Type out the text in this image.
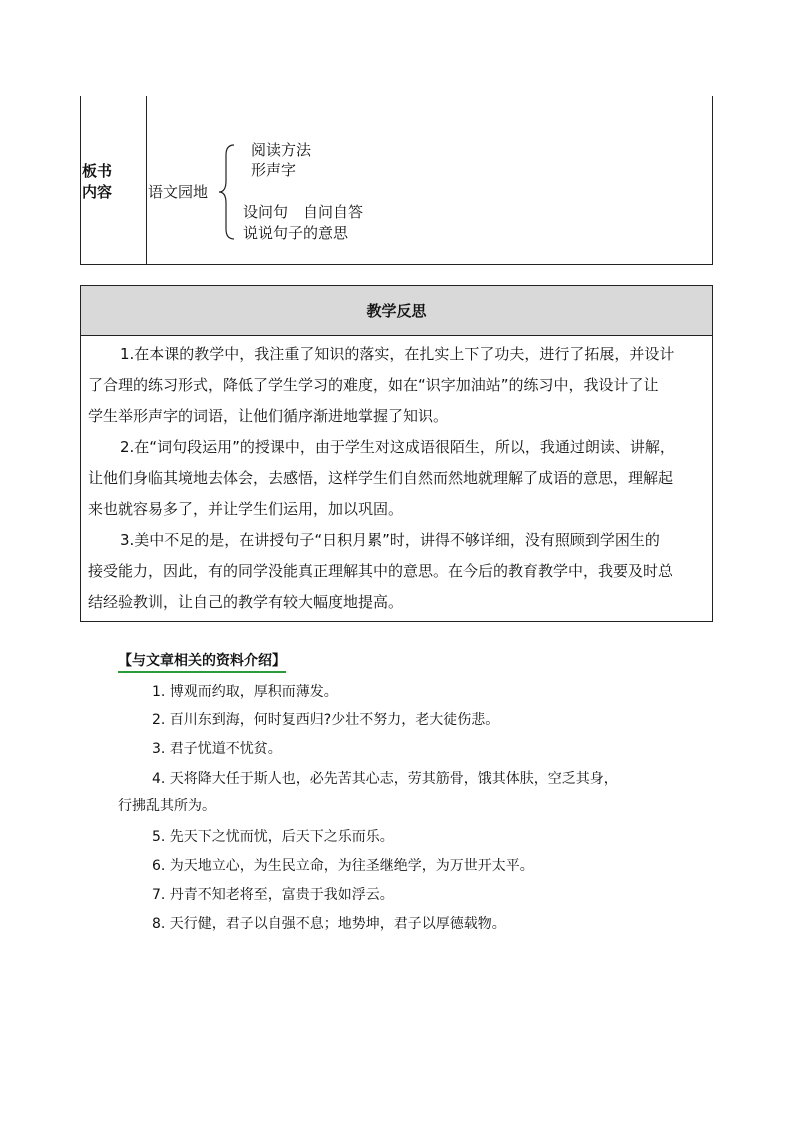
板书
内容 语文园地
阅读方法
形声字
设问句　自问自答
说说句子的意思
教学反思
1.在本课的教学中，我注重了知识的落实，在扎实上下了功夫，进行了拓展，并设计
了合理的练习形式，降低了学生学习的难度，如在“识字加油站”的练习中，我设计了让
学生举形声字的词语，让他们循序渐进地掌握了知识。
2.在“词句段运用”的授课中，由于学生对这成语很陌生，所以，我通过朗读、讲解，
让他们身临其境地去体会，去感悟，这样学生们自然而然地就理解了成语的意思，理解起
来也就容易多了，并让学生们运用，加以巩固。
3.美中不足的是，在讲授句子“日积月累”时，讲得不够详细，没有照顾到学困生的
接受能力，因此，有的同学没能真正理解其中的意思。在今后的教育教学中，我要及时总
结经验教训，让自己的教学有较大幅度地提高。
【与文章相关的资料介绍】
1. 博观而约取，厚积而薄发。
2. 百川东到海，何时复西归?少壮不努力，老大徒伤悲。
3. 君子忧道不忧贫。
4. 天将降大任于斯人也，必先苦其心志，劳其筋骨，饿其体肤，空乏其身，
行拂乱其所为。
5. 先天下之忧而忧，后天下之乐而乐。
6. 为天地立心，为生民立命，为往圣继绝学，为万世开太平。
7. 丹青不知老将至，富贵于我如浮云。
8. 天行健，君子以自强不息；地势坤，君子以厚德载物。
